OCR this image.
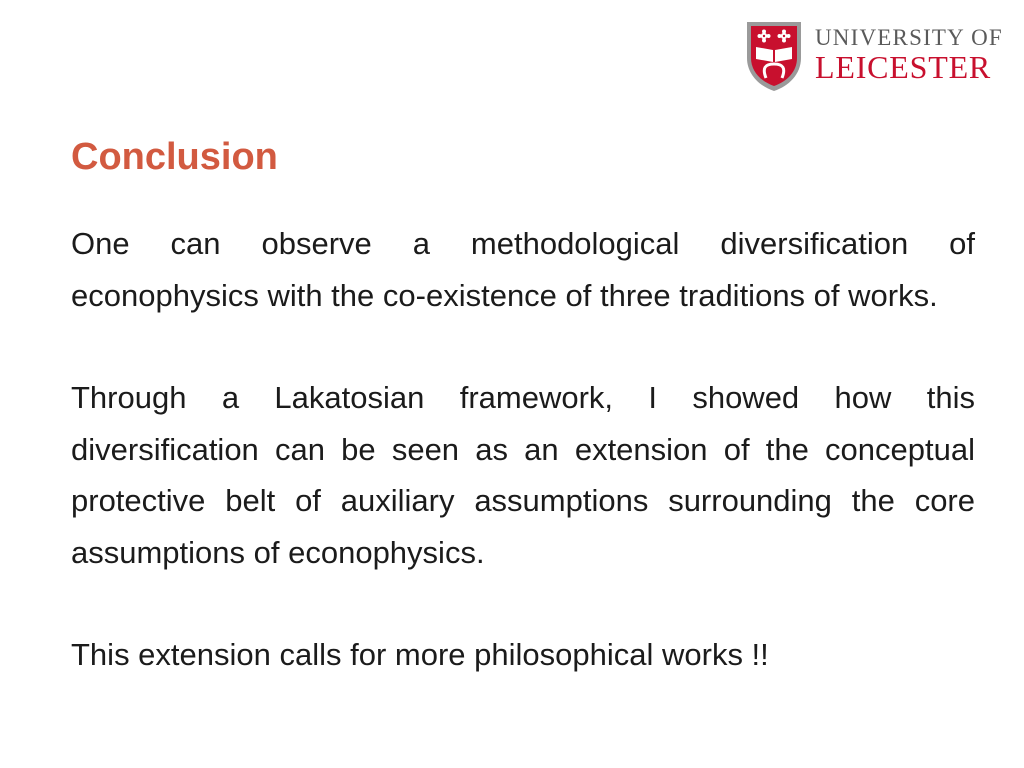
UNIVERSITY OF
LEICESTER
Conclusion

One can observe a methodological diversification of econophysics with the co-existence of three traditions of works.

Through a Lakatosian framework, I showed how this diversification can be seen as an extension of the conceptual protective belt of auxiliary assumptions surrounding the core assumptions of econophysics.

This extension calls for more philosophical works !!
